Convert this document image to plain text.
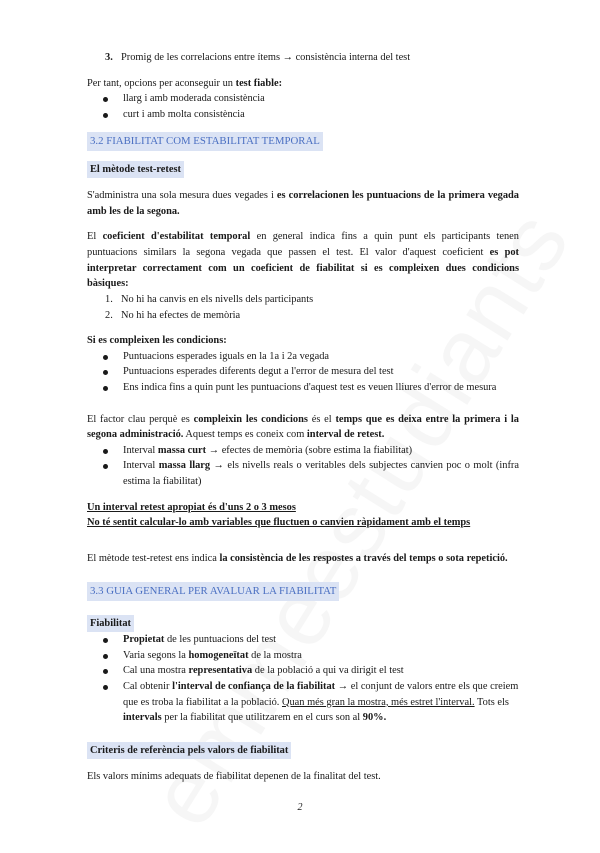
3. Promig de les correlacions entre ítems → consistència interna del test

Per tant, opcions per aconseguir un test fiable:

llarg i amb moderada consistència
curt i amb molta consistència

3.2 FIABILITAT COM ESTABILITAT TEMPORAL

El mètode test-retest

S'administra una sola mesura dues vegades i es correlacionen les puntuacions de la primera vegada amb les de la segona.

El coeficient d'estabilitat temporal en general indica fins a quin punt els participants tenen puntuacions similars la segona vegada que passen el test. El valor d'aquest coeficient es pot interpretar correctament com un coeficient de fiabilitat si es compleixen dues condicions bàsiques:

1. No hi ha canvis en els nivells dels participants

2. No hi ha efectes de memòria

Si es compleixen les condicions:

Puntuacions esperades iguals en la 1a i 2a vegada
Puntuacions esperades diferents degut a l'error de mesura del test
Ens indica fins a quin punt les puntuacions d'aquest test es veuen lliures d'error de mesura

El factor clau perquè es compleixin les condicions és el temps que es deixa entre la primera i la segona administració. Aquest temps es coneix com interval de retest.

Interval massa curt → efectes de memòria (sobre estima la fiabilitat)
Interval massa llarg → els nivells reals o veritables dels subjectes canvien poc o molt (infra estima la fiabilitat)

Un interval retest apropiat és d'uns 2 o 3 mesos

No té sentit calcular-lo amb variables que fluctuen o canvien ràpidament amb el temps

El mètode test-retest ens indica la consistència de les respostes a través del temps o sota repetició.

3.3 GUIA GENERAL PER AVALUAR LA FIABILITAT

Fiabilitat

Propietat de les puntuacions del test
Varia segons la homogeneïtat de la mostra
Cal una mostra representativa de la població a qui va dirigit el test
Cal obtenir l'interval de confiança de la fiabilitat → el conjunt de valors entre els que creiem que es troba la fiabilitat a la població. Quan més gran la mostra, més estret l'interval. Tots els intervals per la fiabilitat que utilitzarem en el curs son al 90%.

Criteris de referència pels valors de fiabilitat

Els valors mínims adequats de fiabilitat depenen de la finalitat del test.

2
